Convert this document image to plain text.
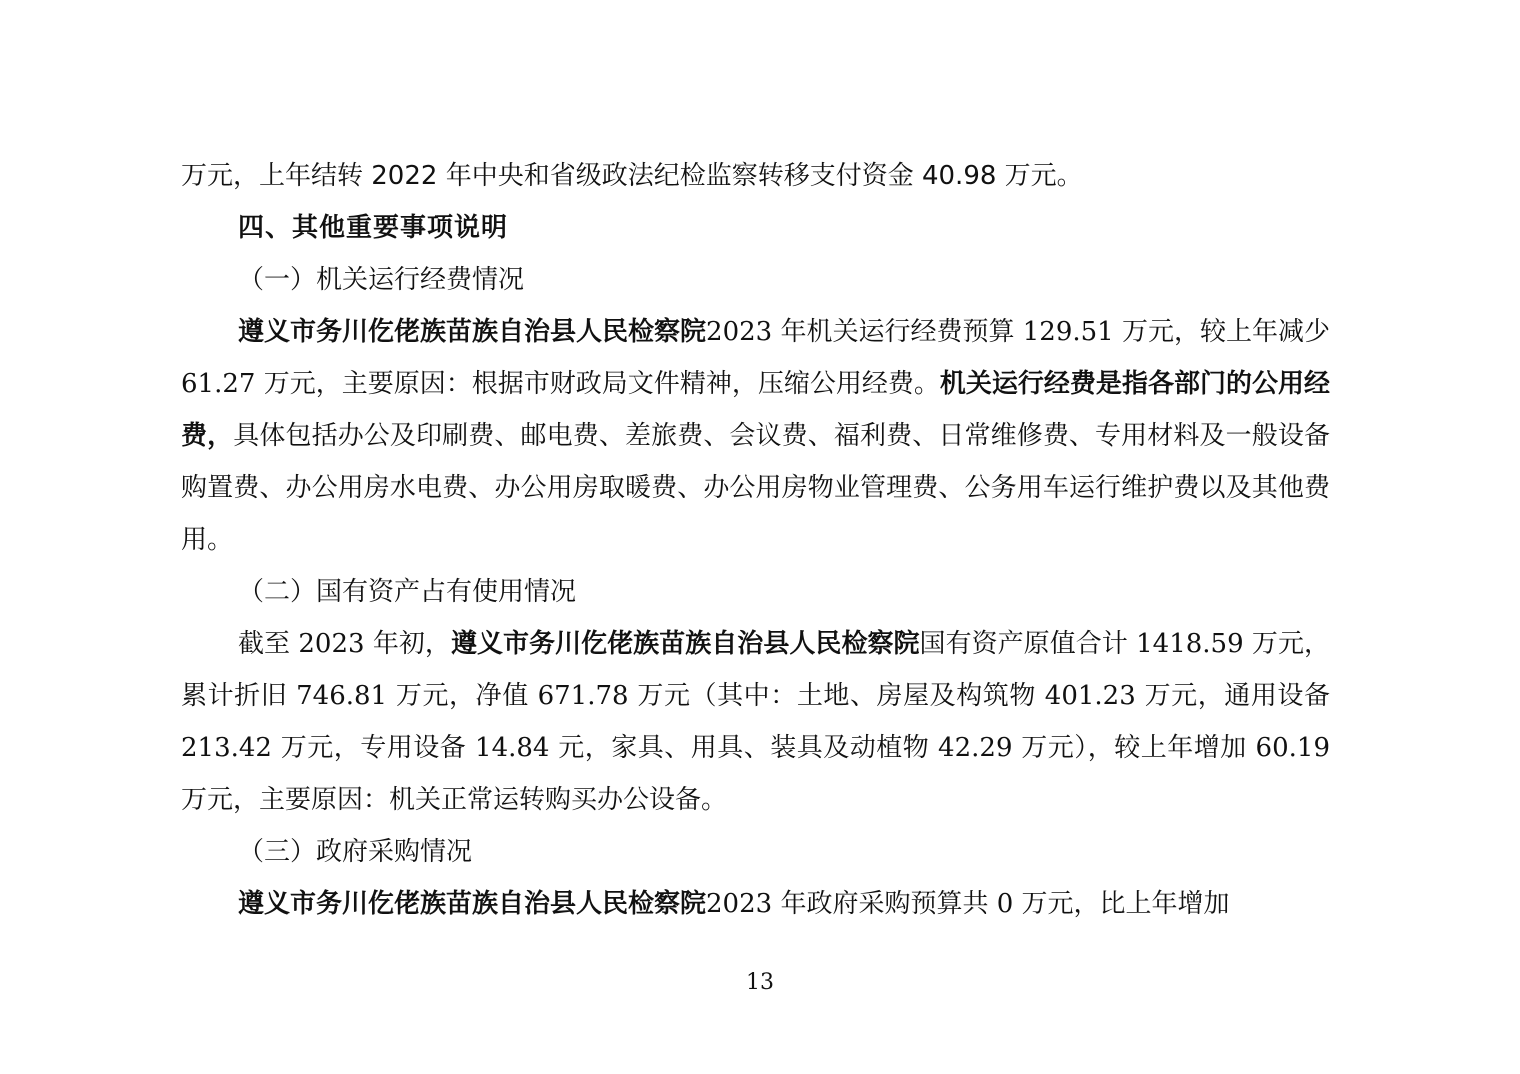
万元，上年结转 2022 年中央和省级政法纪检监察转移支付资金 40.98 万元。

四、其他重要事项说明

（一）机关运行经费情况

遵义市务川仡佬族苗族自治县人民检察院2023 年机关运行经费预算 129.51 万元，较上年减少 61.27 万元，主要原因：根据市财政局文件精神，压缩公用经费。机关运行经费是指各部门的公用经费，具体包括办公及印刷费、邮电费、差旅费、会议费、福利费、日常维修费、专用材料及一般设备购置费、办公用房水电费、办公用房取暖费、办公用房物业管理费、公务用车运行维护费以及其他费用。

（二）国有资产占有使用情况

截至 2023 年初，遵义市务川仡佬族苗族自治县人民检察院国有资产原值合计 1418.59 万元，累计折旧 746.81 万元，净值 671.78 万元（其中：土地、房屋及构筑物 401.23 万元，通用设备 213.42 万元，专用设备 14.84 元，家具、用具、装具及动植物 42.29 万元），较上年增加 60.19 万元，主要原因：机关正常运转购买办公设备。

（三）政府采购情况

遵义市务川仡佬族苗族自治县人民检察院2023 年政府采购预算共 0 万元，比上年增加

13
